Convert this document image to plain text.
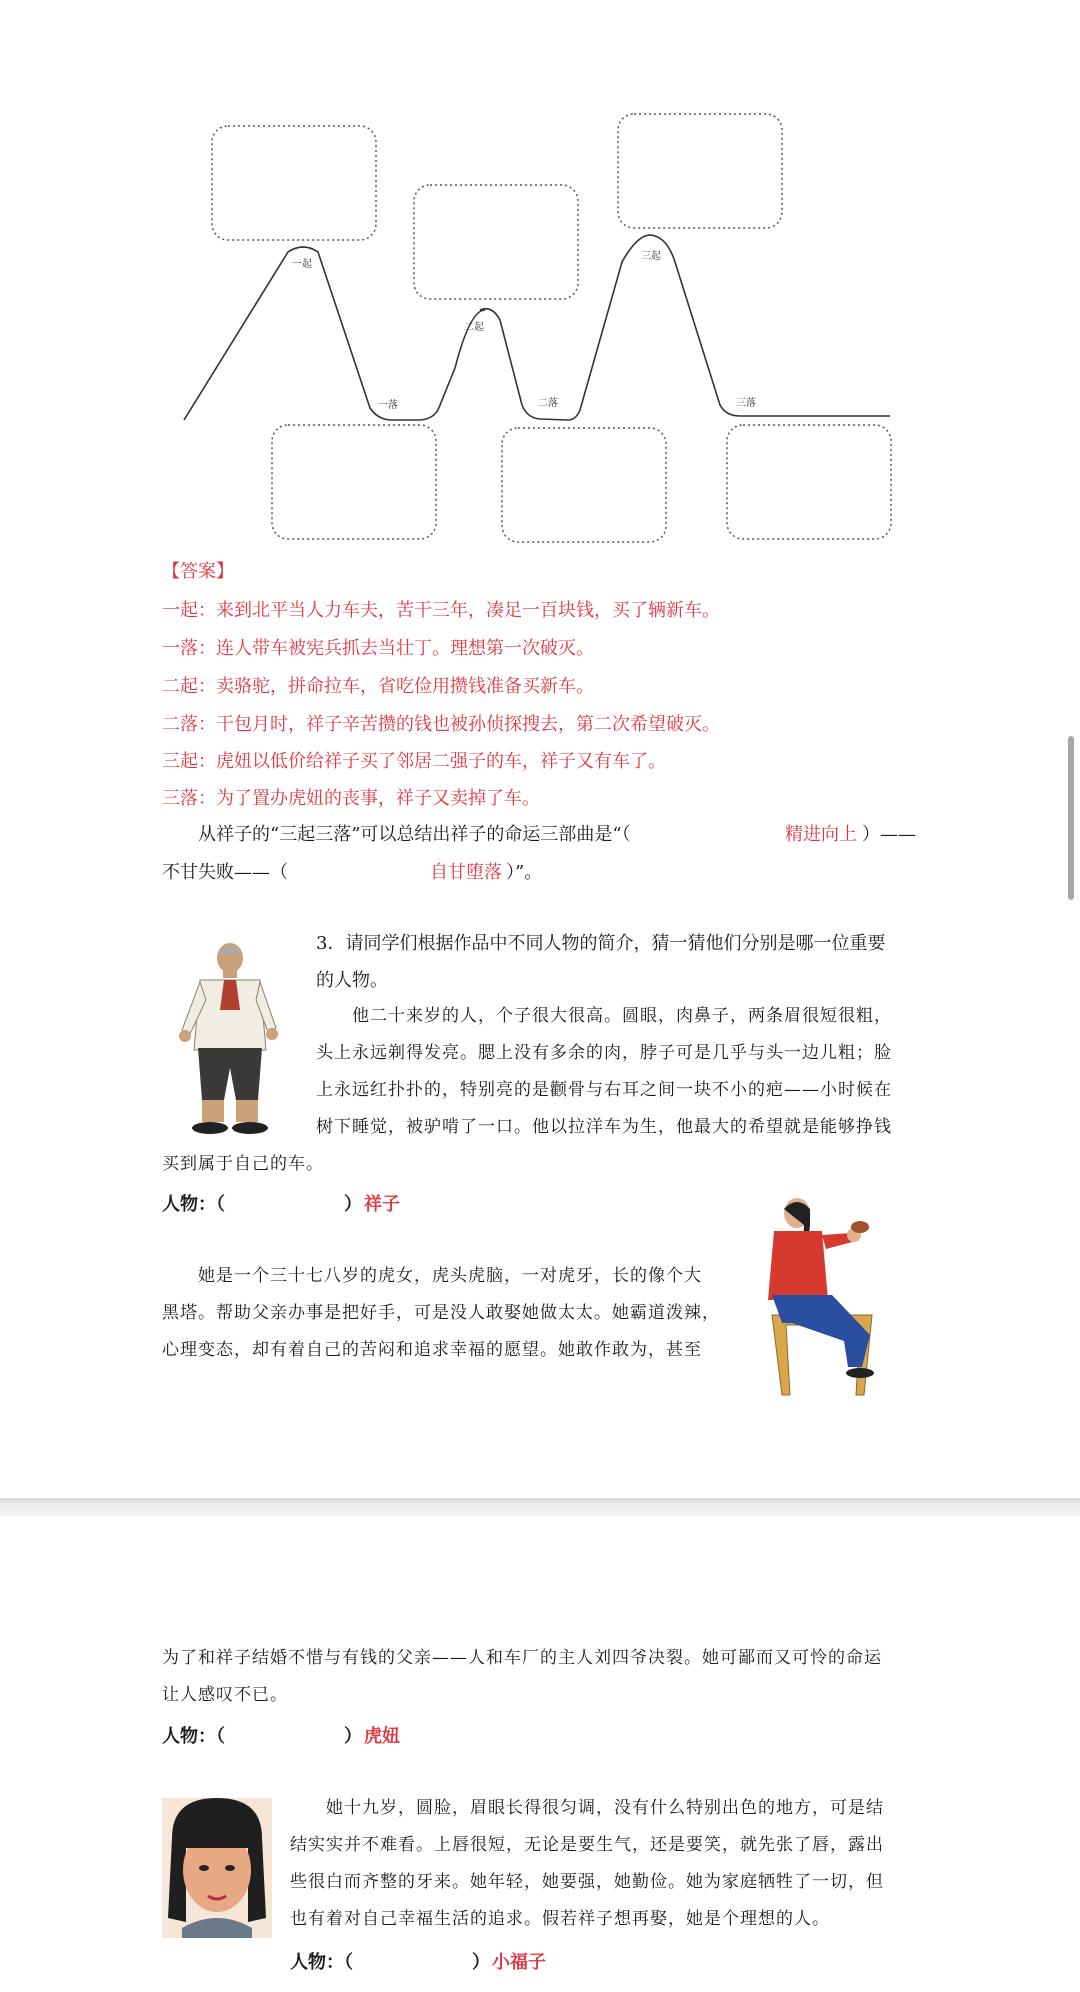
一起
一落
二起
二落
三起
三落
【答案】
一起：来到北平当人力车夫，苦干三年，凑足一百块钱，买了辆新车。
一落：连人带车被宪兵抓去当壮丁。理想第一次破灭。
二起：卖骆驼，拼命拉车，省吃俭用攒钱准备买新车。
二落：干包月时，祥子辛苦攒的钱也被孙侦探搜去，第二次希望破灭。
三起：虎妞以低价给祥子买了邻居二强子的车，祥子又有车了。
三落：为了置办虎妞的丧事，祥子又卖掉了车。
从祥子的“三起三落”可以总结出祥子的命运三部曲是“（	精进向上 ）——
不甘失败——（	自甘堕落 ）”。
3．请同学们根据作品中不同人物的简介，猜一猜他们分别是哪一位重要
的人物。
他二十来岁的人，个子很大很高。圆眼，肉鼻子，两条眉很短很粗，
头上永远剃得发亮。腮上没有多余的肉，脖子可是几乎与头一边儿粗；脸
上永远红扑扑的，特别亮的是颧骨与右耳之间一块不小的疤——小时候在
树下睡觉，被驴啃了一口。他以拉洋车为生，他最大的希望就是能够挣钱
买到属于自己的车。
人物：（	） 祥子
她是一个三十七八岁的虎女，虎头虎脑，一对虎牙，长的像个大
黑塔。帮助父亲办事是把好手，可是没人敢娶她做太太。她霸道泼辣，
心理变态，却有着自己的苦闷和追求幸福的愿望。她敢作敢为，甚至
为了和祥子结婚不惜与有钱的父亲——人和车厂的主人刘四爷决裂。她可鄙而又可怜的命运
让人感叹不已。
人物：（	） 虎妞
她十九岁，圆脸，眉眼长得很匀调，没有什么特别出色的地方，可是结
结实实并不难看。上唇很短，无论是要生气，还是要笑，就先张了唇，露出
些很白而齐整的牙来。她年轻，她要强，她勤俭。她为家庭牺牲了一切，但
也有着对自己幸福生活的追求。假若祥子想再娶，她是个理想的人。
人物：（	） 小福子
